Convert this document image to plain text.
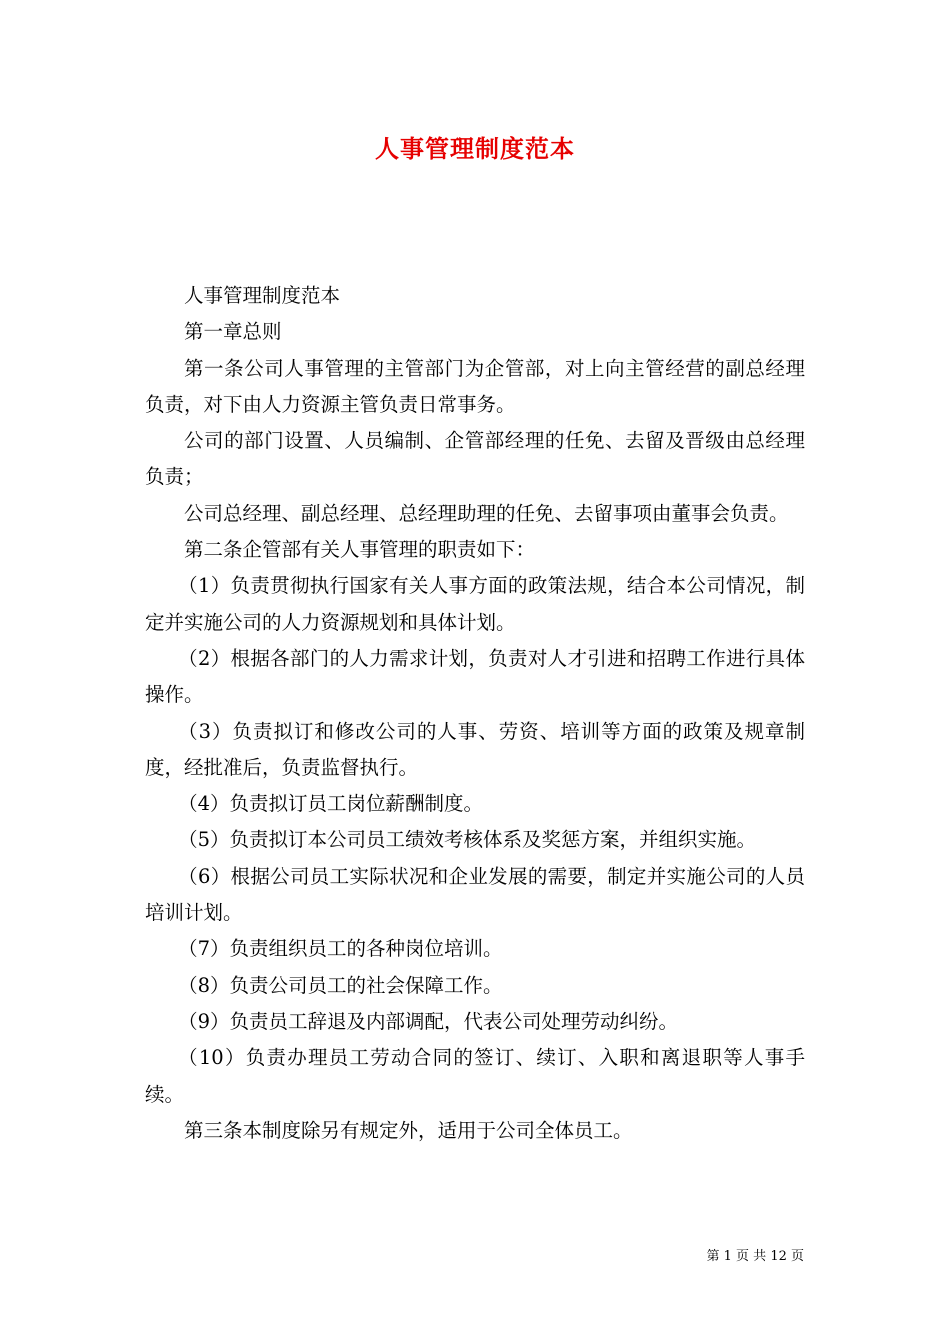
人事管理制度范本

人事管理制度范本

第一章总则

第一条公司人事管理的主管部门为企管部，对上向主管经营的副总经理负责，对下由人力资源主管负责日常事务。

公司的部门设置、人员编制、企管部经理的任免、去留及晋级由总经理负责；

公司总经理、副总经理、总经理助理的任免、去留事项由董事会负责。

第二条企管部有关人事管理的职责如下：

（1）负责贯彻执行国家有关人事方面的政策法规，结合本公司情况，制定并实施公司的人力资源规划和具体计划。

（2）根据各部门的人力需求计划，负责对人才引进和招聘工作进行具体操作。

（3）负责拟订和修改公司的人事、劳资、培训等方面的政策及规章制度，经批准后，负责监督执行。

（4）负责拟订员工岗位薪酬制度。

（5）负责拟订本公司员工绩效考核体系及奖惩方案，并组织实施。

（6）根据公司员工实际状况和企业发展的需要，制定并实施公司的人员培训计划。

（7）负责组织员工的各种岗位培训。

（8）负责公司员工的社会保障工作。

（9）负责员工辞退及内部调配，代表公司处理劳动纠纷。

（10）负责办理员工劳动合同的签订、续订、入职和离退职等人事手续。

第三条本制度除另有规定外，适用于公司全体员工。

第 1 页 共 12 页
